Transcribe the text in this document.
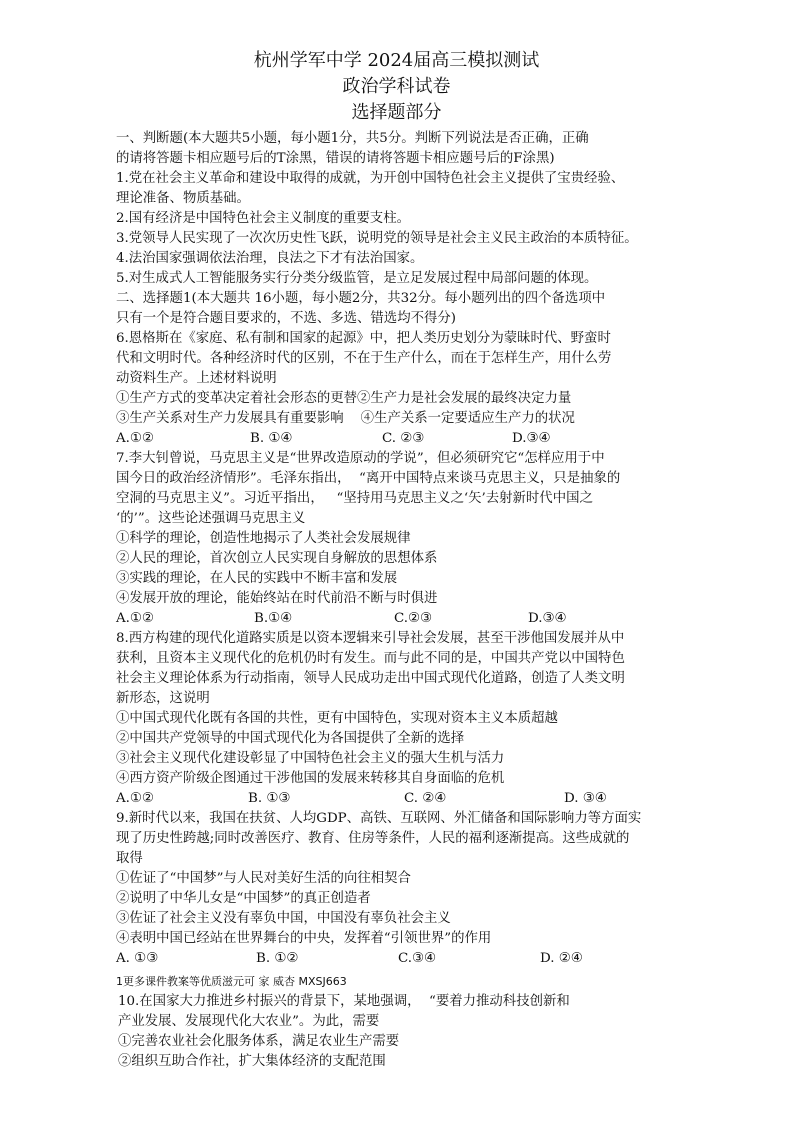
杭州学军中学 2024届高三模拟测试
政治学科试卷
选择题部分
一、判断题(本大题共5小题，每小题1分，共5分。判断下列说法是否正确，正确
的请将答题卡相应题号后的T涂黑，错误的请将答题卡相应题号后的F涂黑)
1.党在社会主义革命和建设中取得的成就，为开创中国特色社会主义提供了宝贵经验、
理论准备、物质基础。
2.国有经济是中国特色社会主义制度的重要支柱。
3.党领导人民实现了一次次历史性飞跃，说明党的领导是社会主义民主政治的本质特征。
4.法治国家强调依法治理，良法之下才有法治国家。
5.对生成式人工智能服务实行分类分级监管，是立足发展过程中局部问题的体现。
二、选择题1(本大题共 16小题，每小题2分，共32分。每小题列出的四个备选项中
只有一个是符合题目要求的，不选、多选、错选均不得分)
6.恩格斯在《家庭、私有制和国家的起源》中，把人类历史划分为蒙昧时代、野蛮时
代和文明时代。各种经济时代的区别，不在于生产什么，而在于怎样生产，用什么劳
动资料生产。上述材料说明
①生产方式的变革决定着社会形态的更替②生产力是社会发展的最终决定力量
③生产关系对生产力发展具有重要影响    ④生产关系一定要适应生产力的状况
A.①②	B. ①④	C. ②③	D.③④
7.李大钊曾说，马克思主义是“世界改造原动的学说”，但必须研究它“怎样应用于中
国今日的政治经济情形”。毛泽东指出，  “离开中国特点来谈马克思主义，只是抽象的
空洞的马克思主义”。习近平指出，   “坚持用马克思主义之‘矢’去射新时代中国之
‘的’”。这些论述强调马克思主义
①科学的理论，创造性地揭示了人类社会发展规律
②人民的理论，首次创立人民实现自身解放的思想体系
③实践的理论，在人民的实践中不断丰富和发展
④发展开放的理论，能始终站在时代前沿不断与时俱进
A.①②	B.①④	C.②③	D.③④
8.西方构建的现代化道路实质是以资本逻辑来引导社会发展，甚至干涉他国发展并从中
获利，且资本主义现代化的危机仍时有发生。而与此不同的是，中国共产党以中国特色
社会主义理论体系为行动指南，领导人民成功走出中国式现代化道路，创造了人类文明
新形态，这说明
①中国式现代化既有各国的共性，更有中国特色，实现对资本主义本质超越
②中国共产党领导的中国式现代化为各国提供了全新的选择
③社会主义现代化建设彰显了中国特色社会主义的强大生机与活力
④西方资产阶级企图通过干涉他国的发展来转移其自身面临的危机
A.①②	B. ①③	C. ②④	D. ③④
9.新时代以来，我国在扶贫、人均GDP、高铁、互联网、外汇储备和国际影响力等方面实
现了历史性跨越;同时改善医疗、教育、住房等条件，人民的福利逐渐提高。这些成就的
取得
①佐证了“中国梦”与人民对美好生活的向往相契合
②说明了中华儿女是“中国梦”的真正创造者
③佐证了社会主义没有辜负中国，中国没有辜负社会主义
④表明中国已经站在世界舞台的中央，发挥着“引领世界”的作用
A. ①③	B. ①②	C.③④	D. ②④
1更多课件教案等优质滋元可 家 威杏 MXSJ663
10.在国家大力推进乡村振兴的背景下，某地强调，  “要着力推动科技创新和
产业发展、发展现代化大农业”。为此，需要
①完善农业社会化服务体系，满足农业生产需要
②组织互助合作社，扩大集体经济的支配范围
